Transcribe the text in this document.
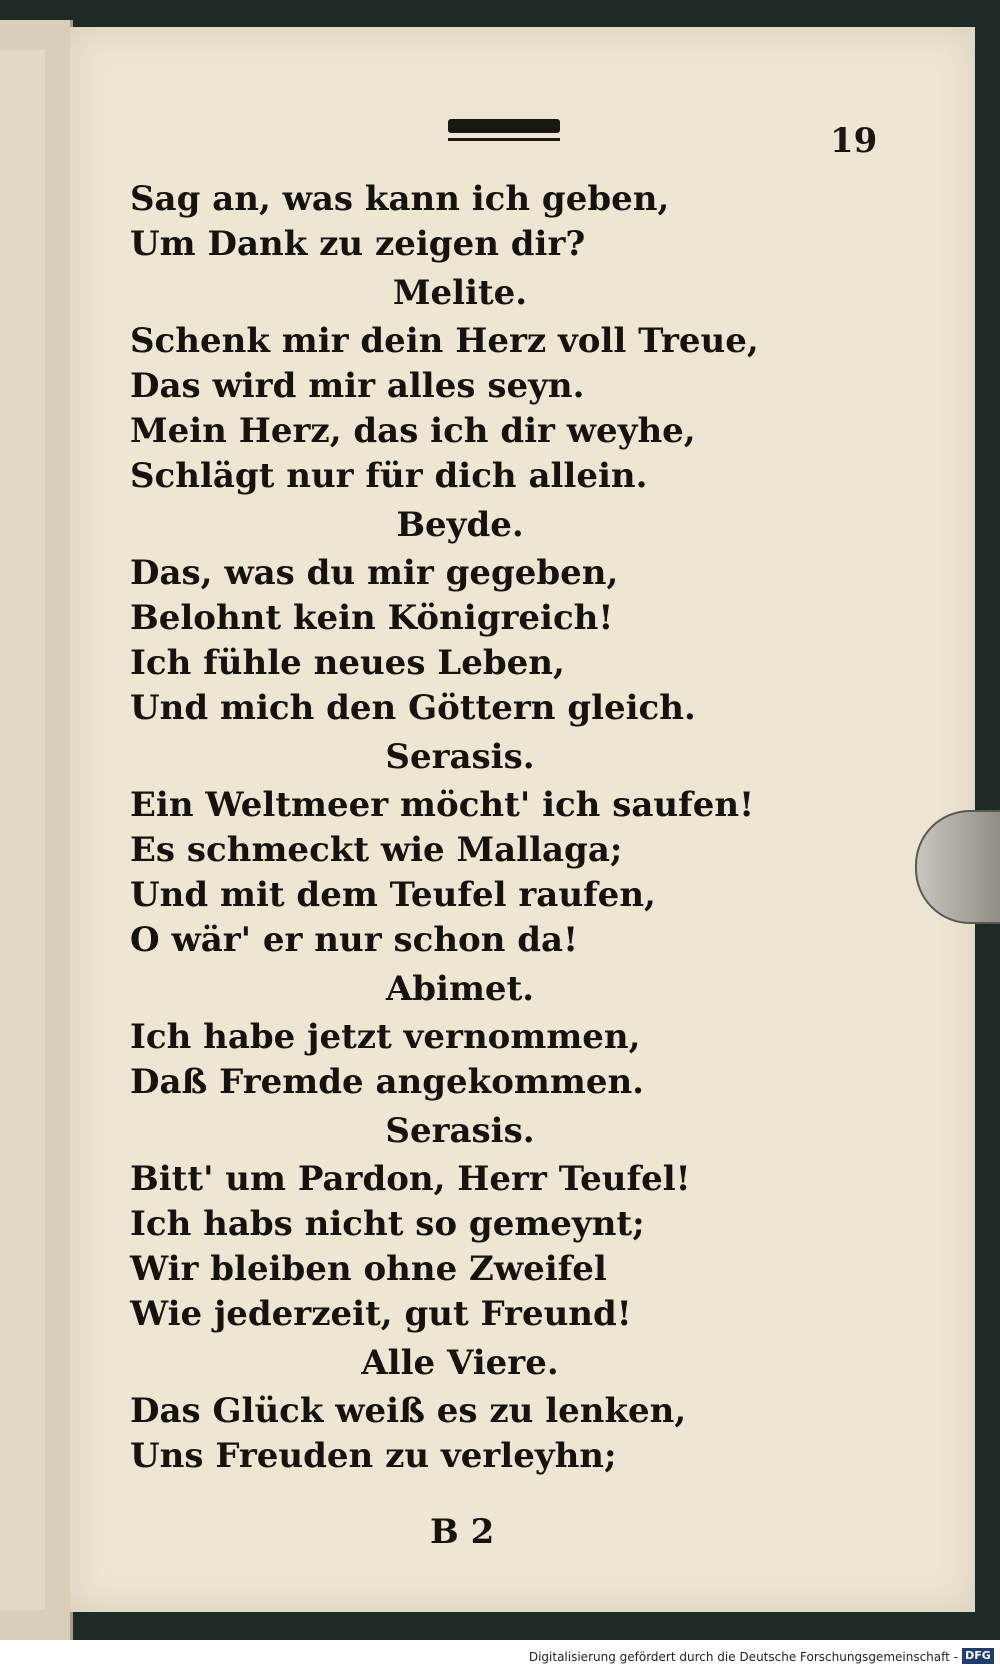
19
Sag an, was kann ich geben,
Um Dank zu zeigen dir?
Melite.
Schenk mir dein Herz voll Treue,
Das wird mir alles seyn.
Mein Herz, das ich dir weyhe,
Schlägt nur für dich allein.
Beyde.
Das, was du mir gegeben,
Belohnt kein Königreich!
Ich fühle neues Leben,
Und mich den Göttern gleich.
Serasis.
Ein Weltmeer möcht' ich saufen!
Es schmeckt wie Mallaga;
Und mit dem Teufel raufen,
O wär' er nur schon da!
Abimet.
Ich habe jetzt vernommen,
Daß Fremde angekommen.
Serasis.
Bitt' um Pardon, Herr Teufel!
Ich habs nicht so gemeynt;
Wir bleiben ohne Zweifel
Wie jederzeit, gut Freund!
Alle Viere.
Das Glück weiß es zu lenken,
Uns Freuden zu verleyhn;
B 2
Digitalisierung gefördert durch die Deutsche Forschungsgemeinschaft - DFG
